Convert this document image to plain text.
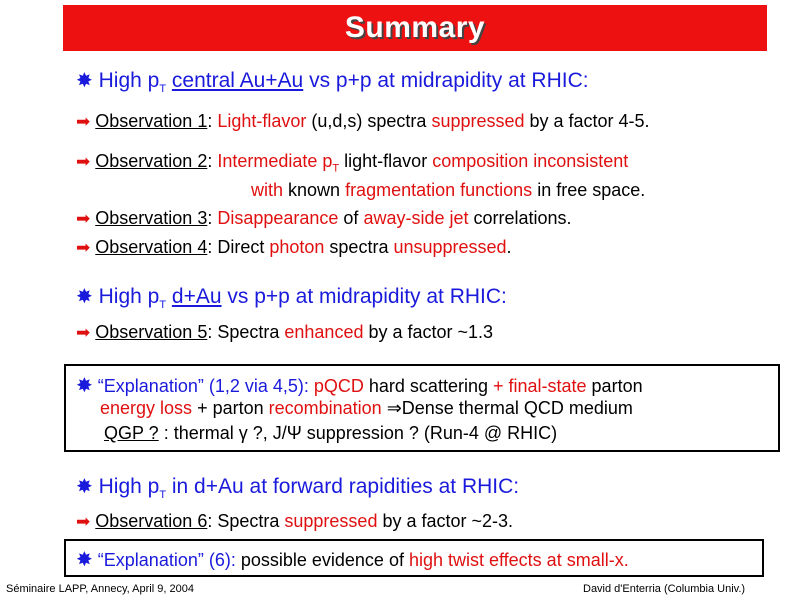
Summary
✸ High $p_T$ central Au+Au vs p+p at midrapidity at RHIC:
➡ Observation 1: Light-flavor (u,d,s) spectra suppressed by a factor 4-5.
➡ Observation 2: Intermediate $p_T$ light-flavor composition inconsistent
with known fragmentation functions in free space.
➡ Observation 3: Disappearance of away-side jet correlations.
➡ Observation 4: Direct photon spectra unsuppressed.
✸ High $p_T$ d+Au vs p+p at midrapidity at RHIC:
➡ Observation 5: Spectra enhanced by a factor ~1.3
✸ “Explanation” (1,2 via 4,5): pQCD hard scattering + final-state parton
energy loss + parton recombination ⇒Dense thermal QCD medium
QGP ? : thermal γ ?, J/Ψ suppression ? (Run-4 @ RHIC)
✸ High $p_T$ in d+Au at forward rapidities at RHIC:
➡ Observation 6: Spectra suppressed by a factor ~2-3.
✸ “Explanation” (6): possible evidence of high twist effects at small-x.
Séminaire LAPP, Annecy, April 9, 2004	David d'Enterria (Columbia Univ.)
